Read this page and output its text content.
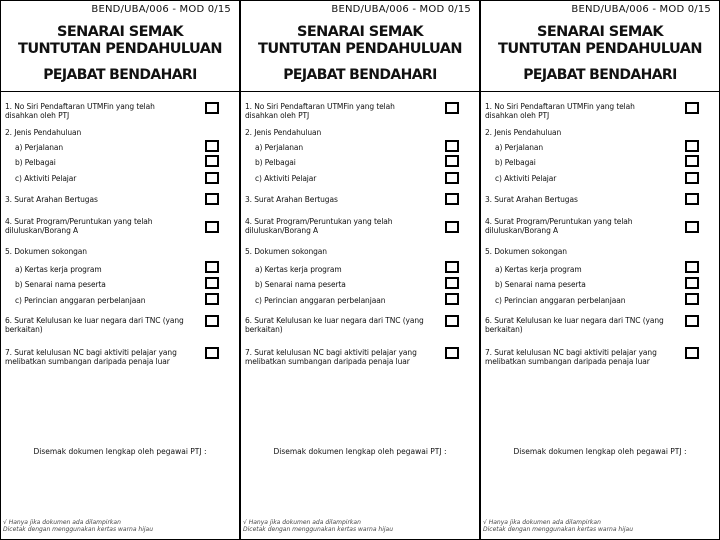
BEND/UBA/006 - MOD 0/15
SENARAI SEMAK
TUNTUTAN PENDAHULUAN
PEJABAT BENDAHARI
1. No Siri Pendaftaran UTMFin yang telah disahkan oleh PTJ
2. Jenis Pendahuluan
a) Perjalanan
b) Pelbagai
c) Aktiviti Pelajar
3. Surat Arahan Bertugas
4. Surat Program/Peruntukan yang telah diluluskan/Borang A
5. Dokumen sokongan
a) Kertas kerja program
b) Senarai nama peserta
c) Perincian anggaran perbelanjaan
6. Surat Kelulusan ke luar negara dari TNC (yang berkaitan)
7. Surat kelulusan NC bagi aktiviti pelajar yang melibatkan sumbangan daripada penaja luar
Disemak dokumen lengkap oleh pegawai PTJ :
√ Hanya jika dokumen ada dilampirkan
Dicetak dengan menggunakan kertas warna hijau
BEND/UBA/006 - MOD 0/15
SENARAI SEMAK
TUNTUTAN PENDAHULUAN
PEJABAT BENDAHARI
1. No Siri Pendaftaran UTMFin yang telah disahkan oleh PTJ
2. Jenis Pendahuluan
a) Perjalanan
b) Pelbagai
c) Aktiviti Pelajar
3. Surat Arahan Bertugas
4. Surat Program/Peruntukan yang telah diluluskan/Borang A
5. Dokumen sokongan
a) Kertas kerja program
b) Senarai nama peserta
c) Perincian anggaran perbelanjaan
6. Surat Kelulusan ke luar negara dari TNC (yang berkaitan)
7. Surat kelulusan NC bagi aktiviti pelajar yang melibatkan sumbangan daripada penaja luar
Disemak dokumen lengkap oleh pegawai PTJ :
√ Hanya jika dokumen ada dilampirkan
Dicetak dengan menggunakan kertas warna hijau
BEND/UBA/006 - MOD 0/15
SENARAI SEMAK
TUNTUTAN PENDAHULUAN
PEJABAT BENDAHARI
1. No Siri Pendaftaran UTMFin yang telah disahkan oleh PTJ
2. Jenis Pendahuluan
a) Perjalanan
b) Pelbagai
c) Aktiviti Pelajar
3. Surat Arahan Bertugas
4. Surat Program/Peruntukan yang telah diluluskan/Borang A
5. Dokumen sokongan
a) Kertas kerja program
b) Senarai nama peserta
c) Perincian anggaran perbelanjaan
6. Surat Kelulusan ke luar negara dari TNC (yang berkaitan)
7. Surat kelulusan NC bagi aktiviti pelajar yang melibatkan sumbangan daripada penaja luar
Disemak dokumen lengkap oleh pegawai PTJ :
√ Hanya jika dokumen ada dilampirkan
Dicetak dengan menggunakan kertas warna hijau
